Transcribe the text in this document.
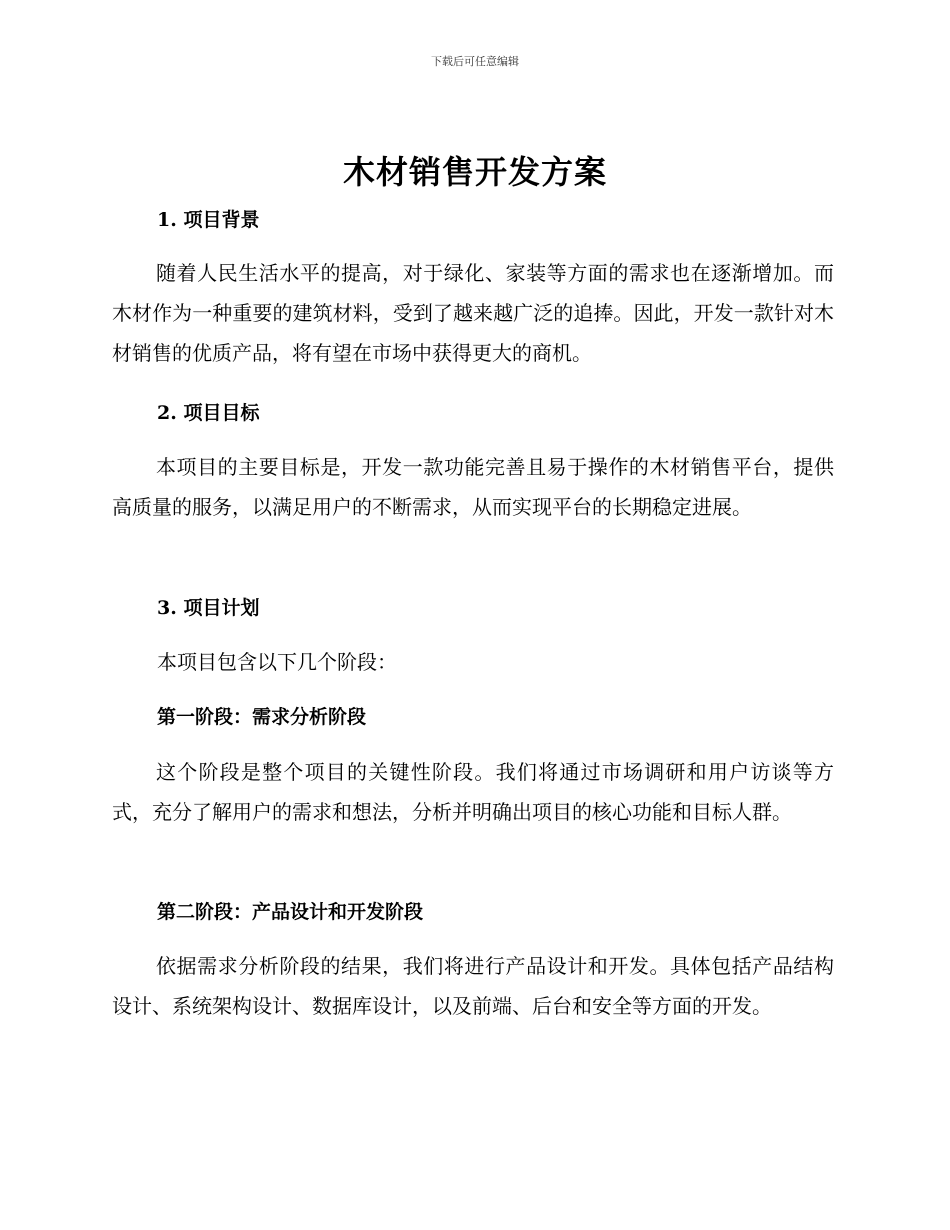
下载后可任意编辑
木材销售开发方案
1. 项目背景

随着人民生活水平的提高，对于绿化、家装等方面的需求也在逐渐增加。而木材作为一种重要的建筑材料，受到了越来越广泛的追捧。因此，开发一款针对木材销售的优质产品，将有望在市场中获得更大的商机。

2. 项目目标

本项目的主要目标是，开发一款功能完善且易于操作的木材销售平台，提供高质量的服务，以满足用户的不断需求，从而实现平台的长期稳定进展。

3. 项目计划

本项目包含以下几个阶段：

第一阶段：需求分析阶段

这个阶段是整个项目的关键性阶段。我们将通过市场调研和用户访谈等方式，充分了解用户的需求和想法，分析并明确出项目的核心功能和目标人群。

第二阶段：产品设计和开发阶段

依据需求分析阶段的结果，我们将进行产品设计和开发。具体包括产品结构设计、系统架构设计、数据库设计，以及前端、后台和安全等方面的开发。
